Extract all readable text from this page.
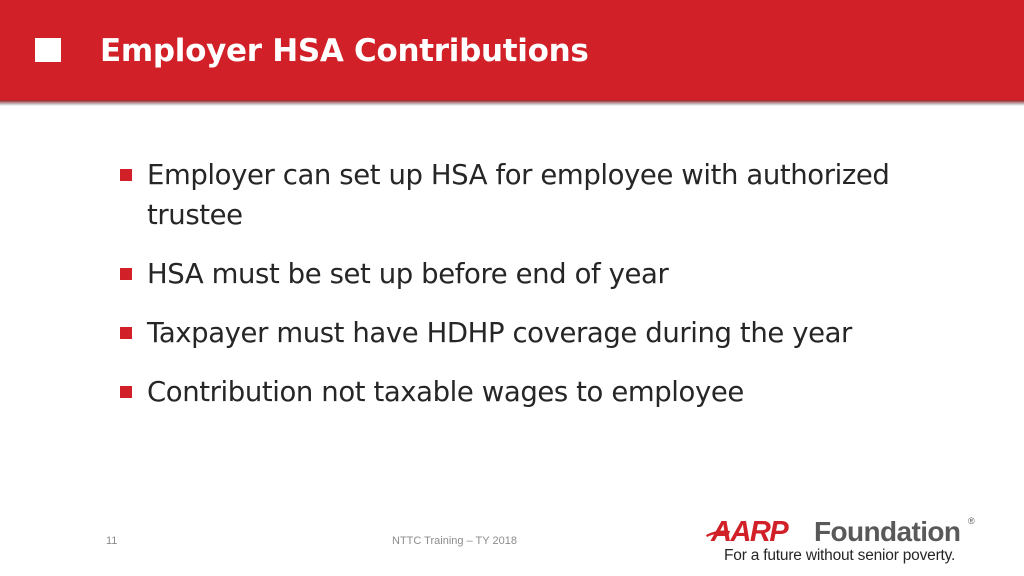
Employer HSA Contributions
Employer can set up HSA for employee with authorized trustee
HSA must be set up before end of year
Taxpayer must have HDHP coverage during the year
Contribution not taxable wages to employee
11	NTTC Training – TY 2018	AARP Foundation ®
For a future without senior poverty.
